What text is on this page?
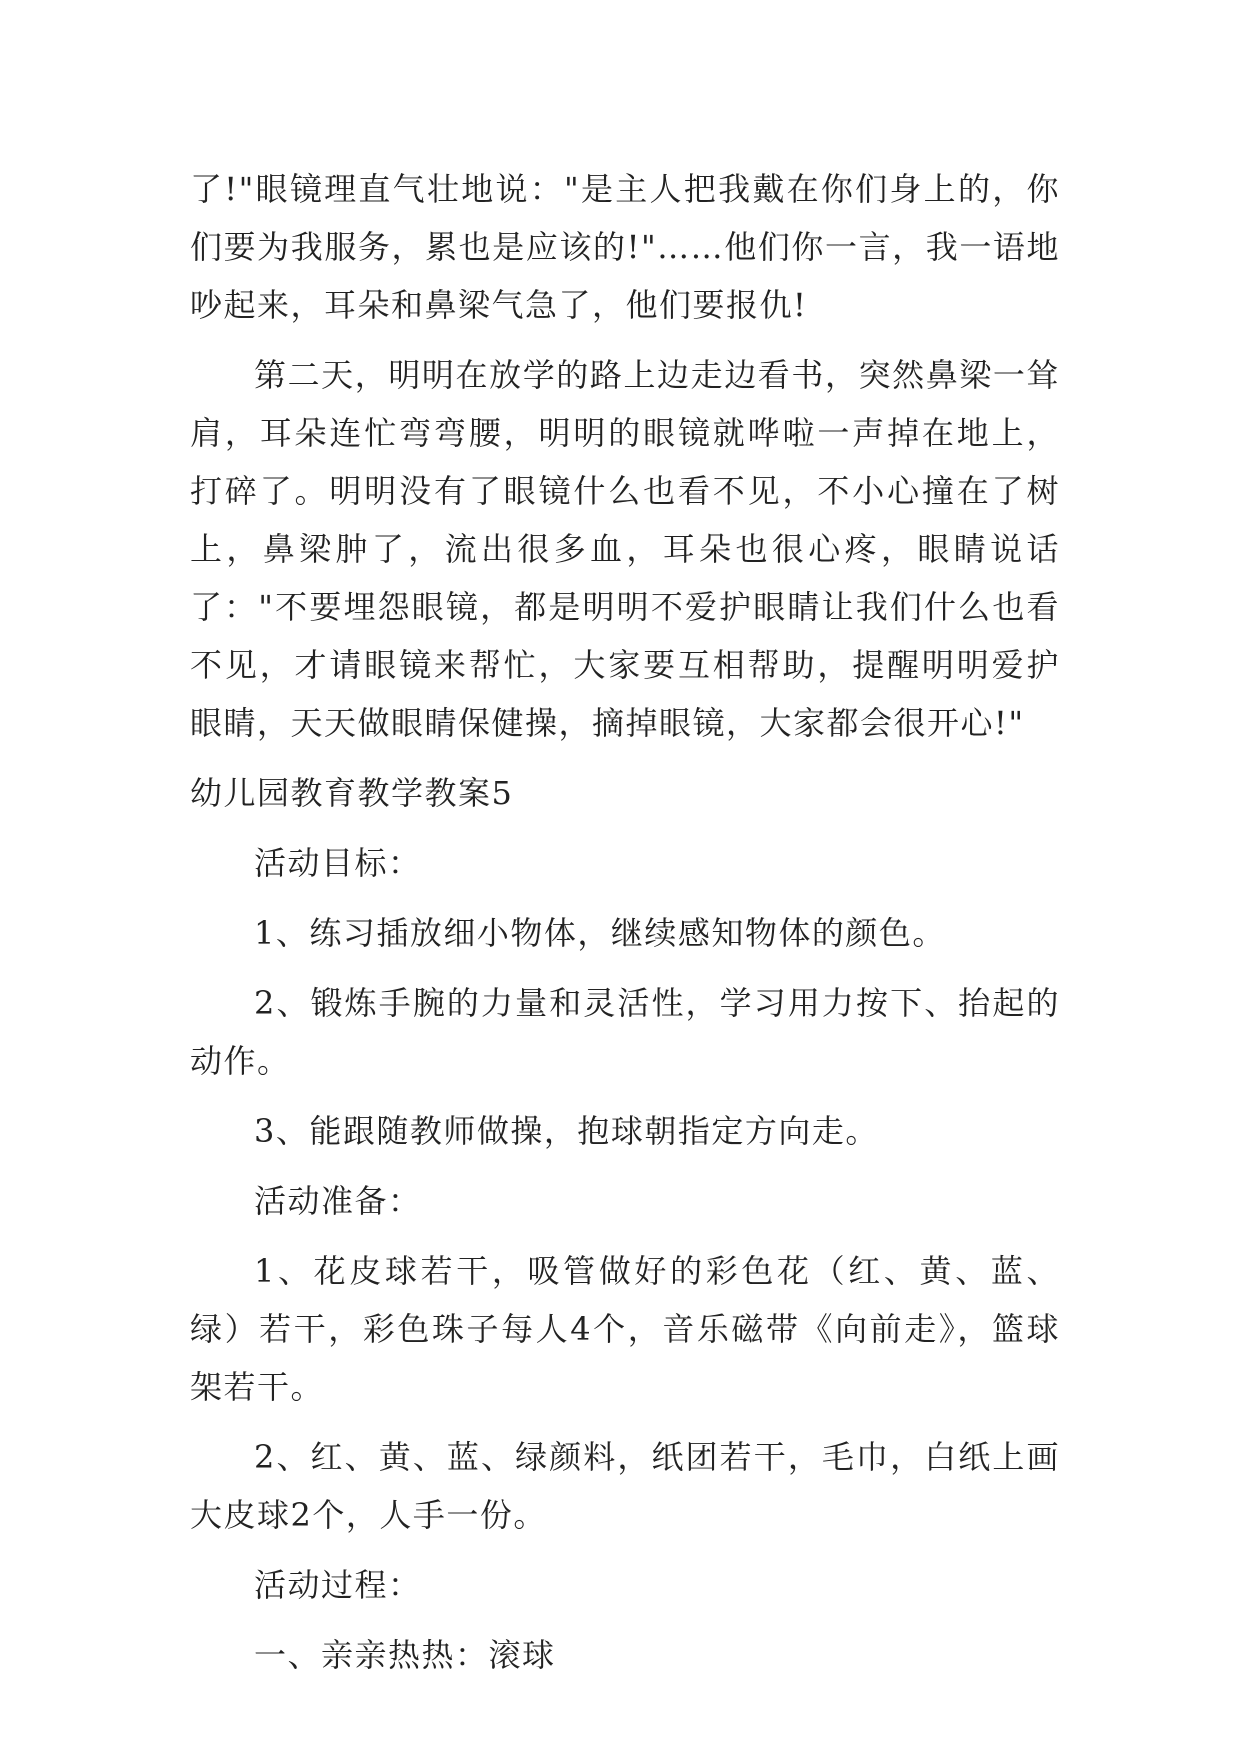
了!"眼镜理直气壮地说："是主人把我戴在你们身上的，你们要为我服务，累也是应该的!"……他们你一言，我一语地吵起来，耳朵和鼻梁气急了，他们要报仇!

第二天，明明在放学的路上边走边看书，突然鼻梁一耸肩，耳朵连忙弯弯腰，明明的眼镜就哗啦一声掉在地上，打碎了。明明没有了眼镜什么也看不见，不小心撞在了树上，鼻梁肿了，流出很多血，耳朵也很心疼，眼睛说话了："不要埋怨眼镜，都是明明不爱护眼睛让我们什么也看不见，才请眼镜来帮忙，大家要互相帮助，提醒明明爱护眼睛，天天做眼睛保健操，摘掉眼镜，大家都会很开心!"

幼儿园教育教学教案5

活动目标：

1、练习插放细小物体，继续感知物体的颜色。

2、锻炼手腕的力量和灵活性，学习用力按下、抬起的动作。

3、能跟随教师做操，抱球朝指定方向走。

活动准备：

1、花皮球若干，吸管做好的彩色花（红、黄、蓝、绿）若干，彩色珠子每人4个，音乐磁带《向前走》，篮球架若干。

2、红、黄、蓝、绿颜料，纸团若干，毛巾，白纸上画大皮球2个，人手一份。

活动过程：

一、亲亲热热：滚球
